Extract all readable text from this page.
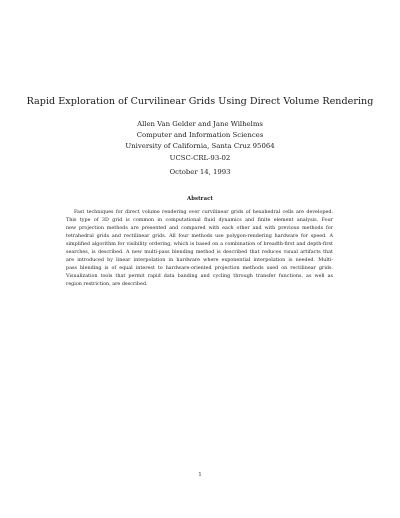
Rapid Exploration of Curvilinear Grids Using Direct Volume Rendering
Allen Van Gelder and Jane Wilhelms
Computer and Information Sciences
University of California, Santa Cruz 95064
UCSC-CRL-93-02
October 14, 1993
Abstract
Fast techniques for direct volume rendering over curvilinear grids of hexahedral cells are developed.
This type of 3D grid is common in computational fluid dynamics and finite element analysis. Four
new projection methods are presented and compared with each other and with previous methods for
tetrahedral grids and rectilinear grids. All four methods use polygon-rendering hardware for speed. A
simplified algorithm for visibility ordering, which is based on a combination of breadth-first and depth-first
searches, is described. A new multi-pass blending method is described that reduces visual artifacts that
are introduced by linear interpolation in hardware where exponential interpolation is needed. Multi-
pass blending is of equal interest to hardware-oriented projection methods used on rectilinear grids.
Visualization tools that permit rapid data banding and cycling through transfer functions, as well as
region restriction, are described.
1
